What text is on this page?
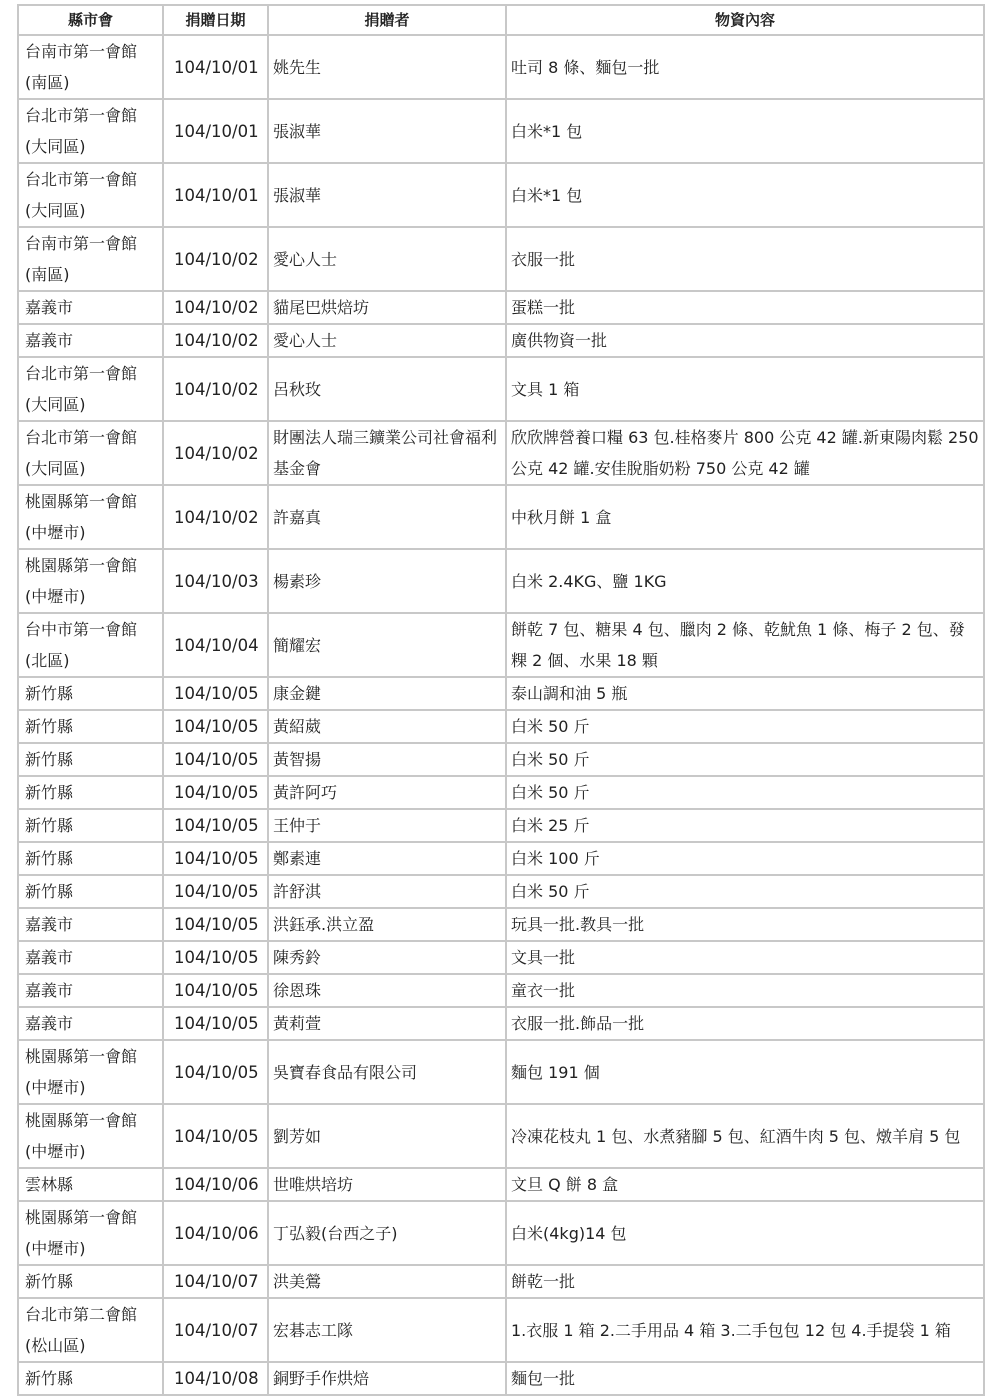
縣市會	捐贈日期	捐贈者	物資內容
台南市第一會館(南區)	104/10/01	姚先生	吐司 8 條、麵包一批
台北市第一會館(大同區)	104/10/01	張淑華	白米*1 包
台北市第一會館(大同區)	104/10/01	張淑華	白米*1 包
台南市第一會館(南區)	104/10/02	愛心人士	衣服一批
嘉義市	104/10/02	貓尾巴烘焙坊	蛋糕一批
嘉義市	104/10/02	愛心人士	廣供物資一批
台北市第一會館(大同區)	104/10/02	呂秋玫	文具 1 箱
台北市第一會館(大同區)	104/10/02	財團法人瑞三鑛業公司社會福利基金會	欣欣牌營養口糧 63 包.桂格麥片 800 公克 42 罐.新東陽肉鬆 250 公克 42 罐.安佳脫脂奶粉 750 公克 42 罐
桃園縣第一會館(中壢市)	104/10/02	許嘉真	中秋月餅 1 盒
桃園縣第一會館(中壢市)	104/10/03	楊素珍	白米 2.4KG、鹽 1KG
台中市第一會館(北區)	104/10/04	簡耀宏	餅乾 7 包、糖果 4 包、臘肉 2 條、乾魷魚 1 條、梅子 2 包、發粿 2 個、水果 18 顆
新竹縣	104/10/05	康金鍵	泰山調和油 5 瓶
新竹縣	104/10/05	黃紹葳	白米 50 斤
新竹縣	104/10/05	黃智揚	白米 50 斤
新竹縣	104/10/05	黃許阿巧	白米 50 斤
新竹縣	104/10/05	王仲于	白米 25 斤
新竹縣	104/10/05	鄭素連	白米 100 斤
新竹縣	104/10/05	許舒淇	白米 50 斤
嘉義市	104/10/05	洪鈺承.洪立盈	玩具一批.教具一批
嘉義市	104/10/05	陳秀鈴	文具一批
嘉義市	104/10/05	徐恩珠	童衣一批
嘉義市	104/10/05	黃莉萱	衣服一批.飾品一批
桃園縣第一會館(中壢市)	104/10/05	吳寶春食品有限公司	麵包 191 個
桃園縣第一會館(中壢市)	104/10/05	劉芳如	冷凍花枝丸 1 包、水煮豬腳 5 包、紅酒牛肉 5 包、燉羊肩 5 包
雲林縣	104/10/06	世唯烘培坊	文旦 Q 餅 8 盒
桃園縣第一會館(中壢市)	104/10/06	丁弘毅(台西之子)	白米(4kg)14 包
新竹縣	104/10/07	洪美鶯	餅乾一批
台北市第二會館(松山區)	104/10/07	宏碁志工隊	1.衣服 1 箱 2.二手用品 4 箱 3.二手包包 12 包 4.手提袋 1 箱
新竹縣	104/10/08	銅野手作烘焙	麵包一批
